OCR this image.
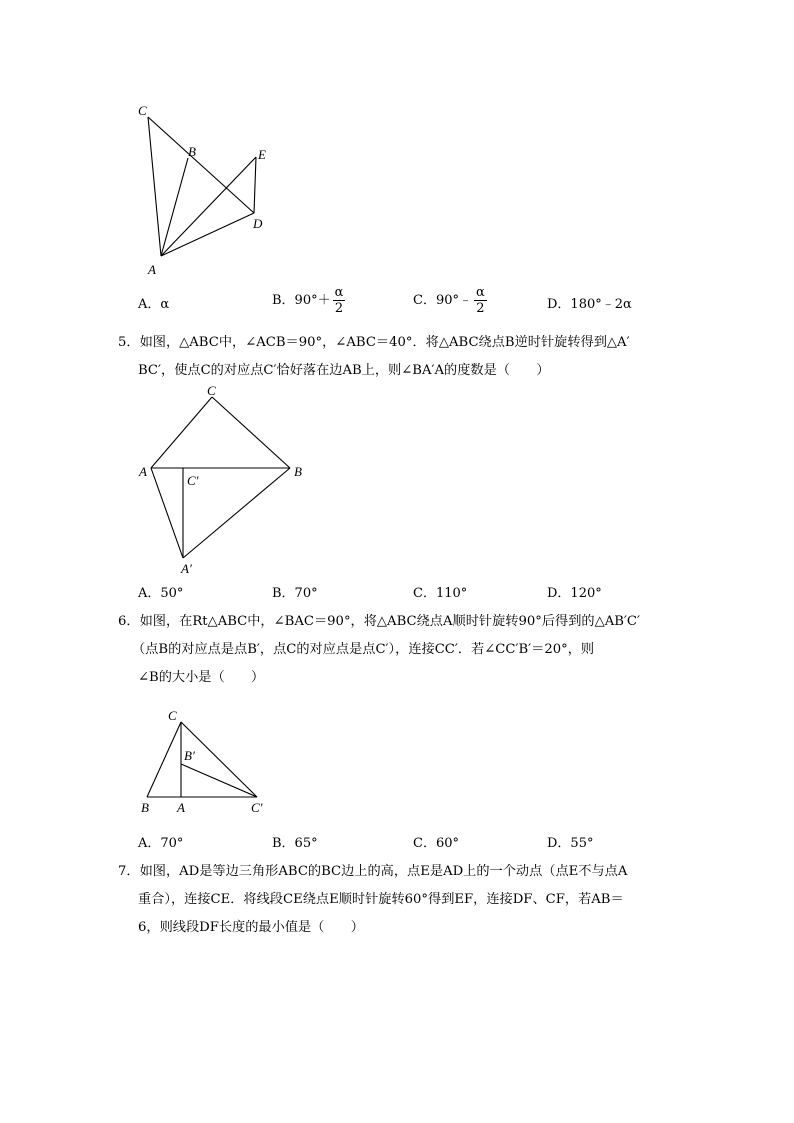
C
B	E
D
A
A．α	B．$90^\circ+ \frac{\alpha}{2}$	C．90°﹣ $\frac{\alpha}{2}$	D．180°﹣2α
5．如图，△ABC中，∠ACB＝90°，∠ABC＝40°．将△ABC绕点B逆时针旋转得到△A′
BC′，使点C的对应点C′恰好落在边AB上，则∠BA′A的度数是（　　）
C
A	B
C′
A′
A．50°	B．70°	C．110°	D．120°
6．如图，在Rt△ABC中，∠BAC＝90°，将△ABC绕点A顺时针旋转90°后得到的△AB′C′
（点B的对应点是点B′，点C的对应点是点C′），连接CC′．若∠CC′B′＝20°，则
∠B的大小是（　　）
C
B′
B A	C′
A．70°	B．65°	C．60°	D．55°
7．如图，AD是等边三角形ABC的BC边上的高，点E是AD上的一个动点（点E不与点A
重合），连接CE．将线段CE绕点E顺时针旋转60°得到EF，连接DF、CF，若AB＝
6，则线段DF长度的最小值是（　　）
